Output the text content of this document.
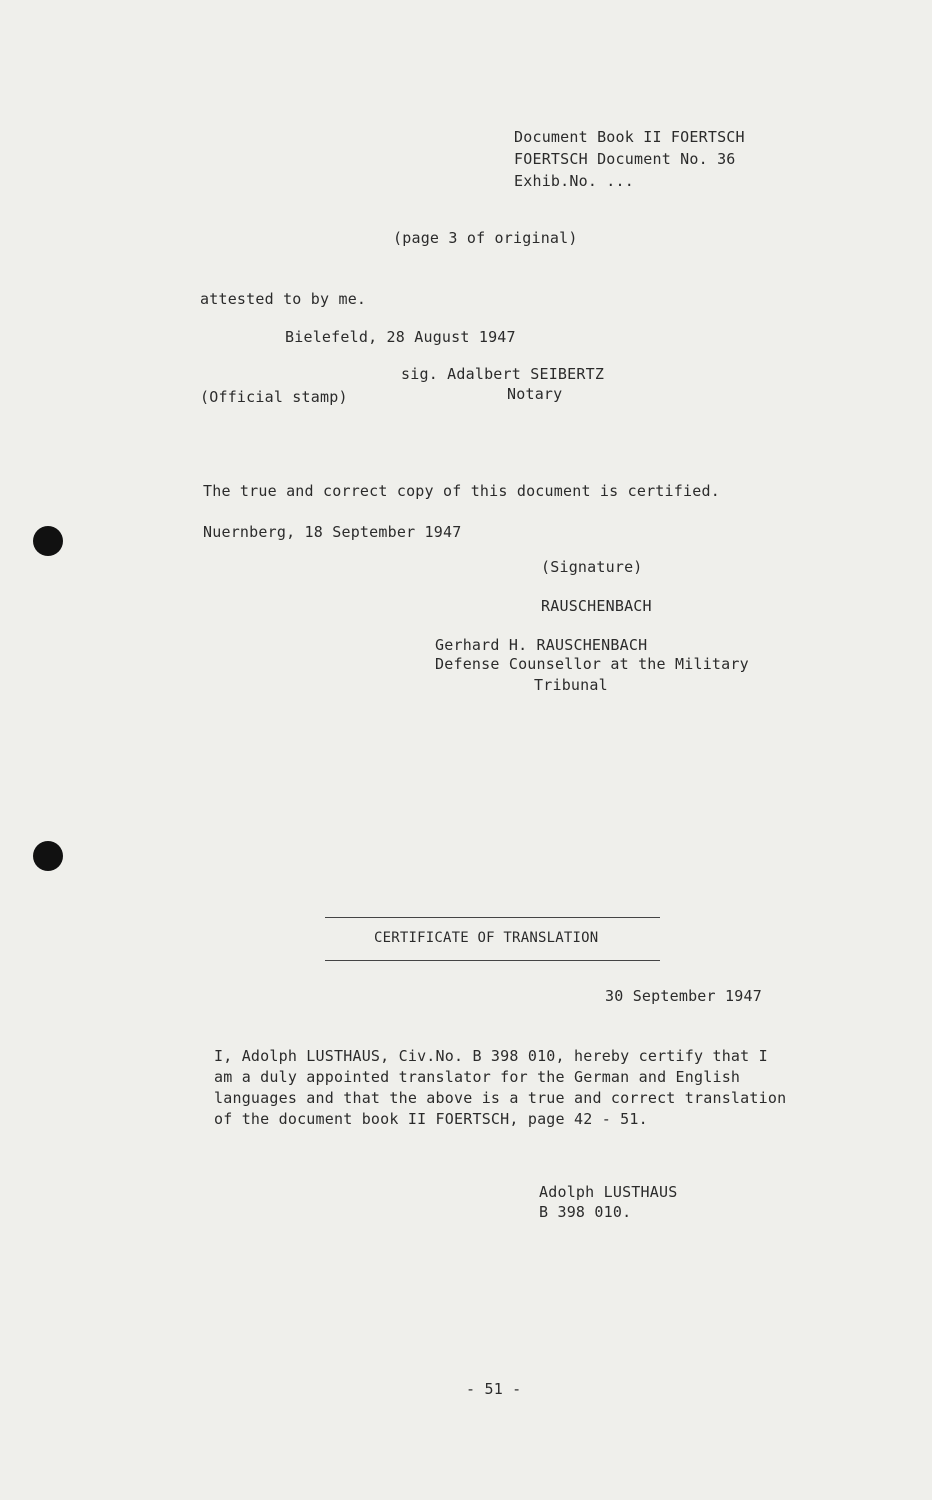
Document Book II FOERTSCH
FOERTSCH Document No. 36
Exhib.No. ...
(page 3 of original)
attested to by me.
Bielefeld, 28 August 1947
sig. Adalbert SEIBERTZ
Notary
(Official stamp)
The true and correct copy of this document is certified.
Nuernberg, 18 September 1947
(Signature)
RAUSCHENBACH
Gerhard H. RAUSCHENBACH
Defense Counsellor at the Military
Tribunal
CERTIFICATE OF TRANSLATION
30 September 1947
I, Adolph LUSTHAUS, Civ.No. B 398 010, hereby certify that I
am a duly appointed translator for the German and English
languages and that the above is a true and correct translation
of the document book II FOERTSCH, page 42 - 51.
Adolph LUSTHAUS
B 398 010.
- 51 -
